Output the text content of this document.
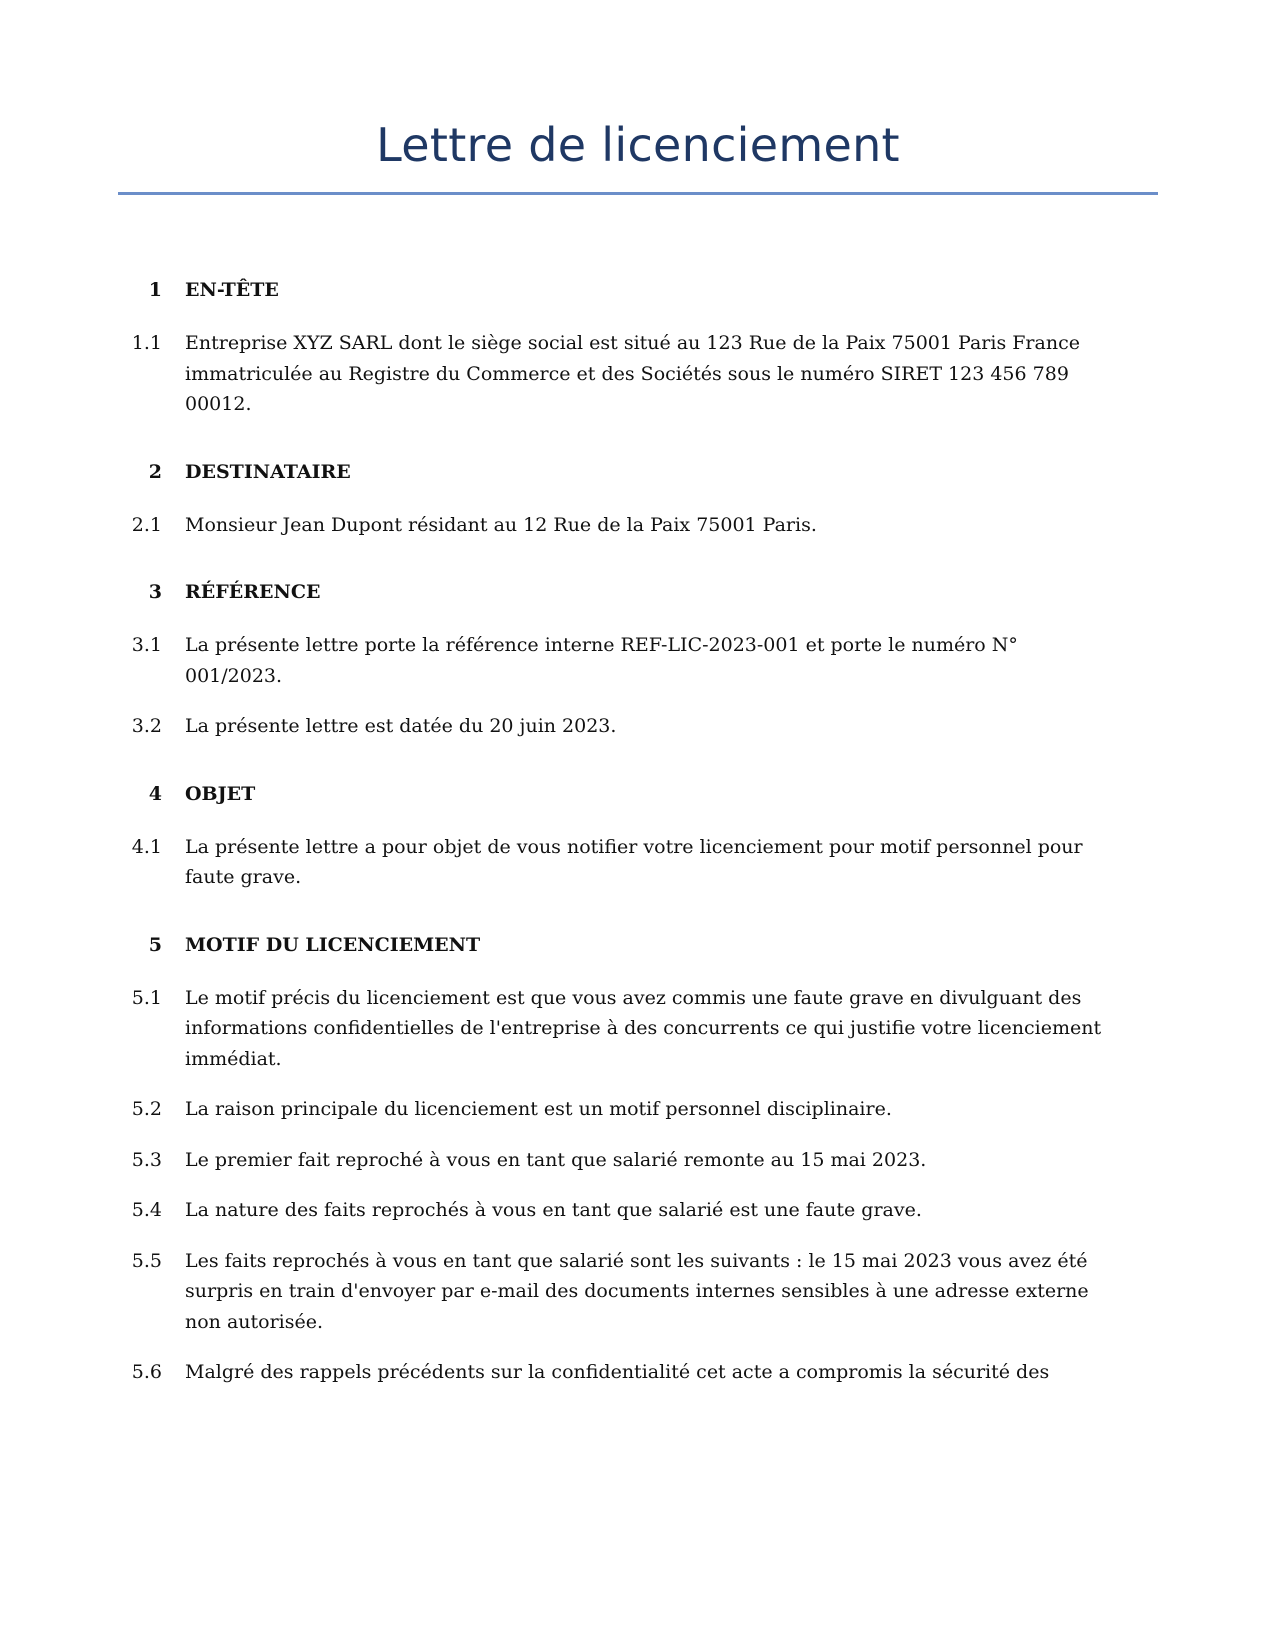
Lettre de licenciement
1	EN-TÊTE
1.1	Entreprise XYZ SARL dont le siège social est situé au 123 Rue de la Paix 75001 Paris France immatriculée au Registre du Commerce et des Sociétés sous le numéro SIRET 123 456 789 00012.
2	DESTINATAIRE
2.1	Monsieur Jean Dupont résidant au 12 Rue de la Paix 75001 Paris.
3	RÉFÉRENCE
3.1	La présente lettre porte la référence interne REF-LIC-2023-001 et porte le numéro N° 001/2023.
3.2	La présente lettre est datée du 20 juin 2023.
4	OBJET
4.1	La présente lettre a pour objet de vous notifier votre licenciement pour motif personnel pour faute grave.
5	MOTIF DU LICENCIEMENT
5.1	Le motif précis du licenciement est que vous avez commis une faute grave en divulguant des informations confidentielles de l'entreprise à des concurrents ce qui justifie votre licenciement immédiat.
5.2	La raison principale du licenciement est un motif personnel disciplinaire.
5.3	Le premier fait reproché à vous en tant que salarié remonte au 15 mai 2023.
5.4	La nature des faits reprochés à vous en tant que salarié est une faute grave.
5.5	Les faits reprochés à vous en tant que salarié sont les suivants : le 15 mai 2023 vous avez été surpris en train d'envoyer par e-mail des documents internes sensibles à une adresse externe non autorisée.
5.6	Malgré des rappels précédents sur la confidentialité cet acte a compromis la sécurité des
